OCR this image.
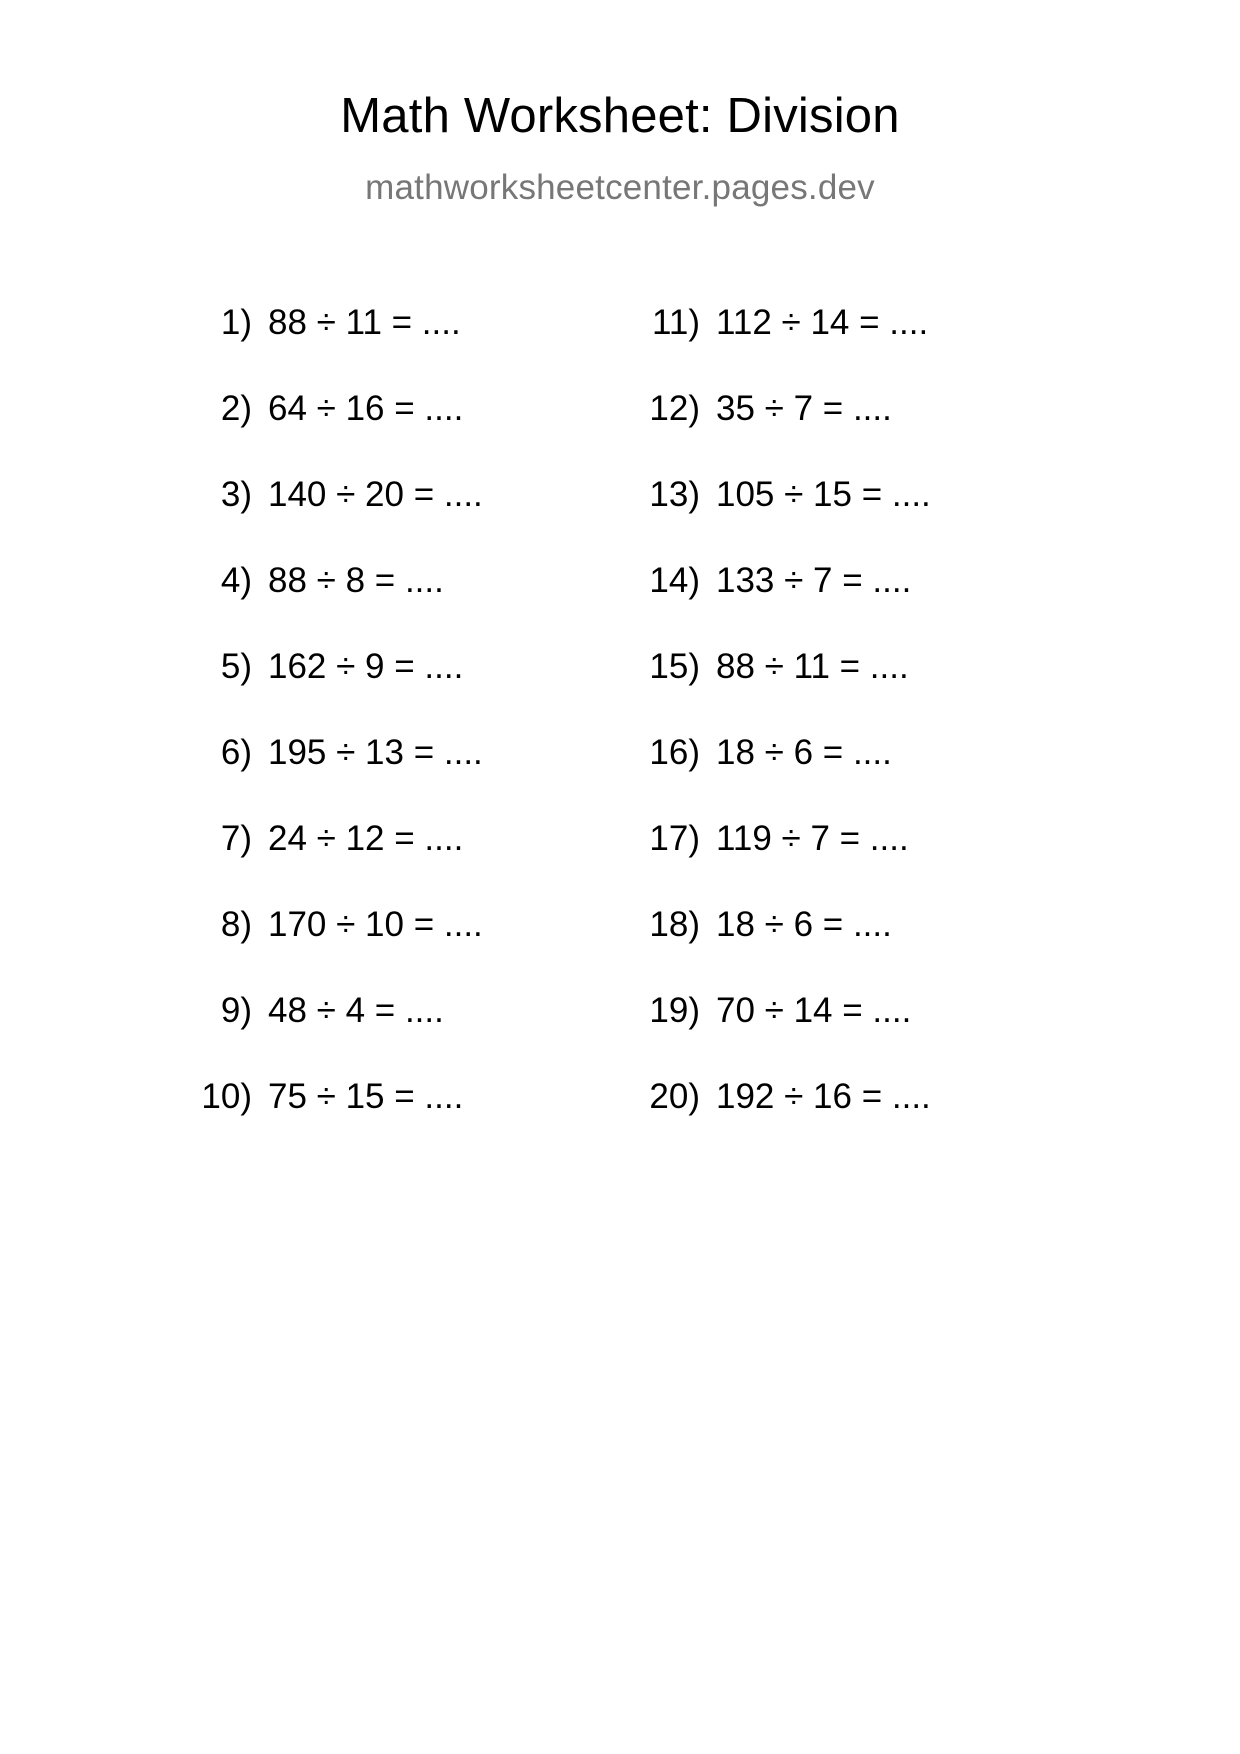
Math Worksheet: Division
mathworksheetcenter.pages.dev
1) 88 ÷ 11 = ....
2) 64 ÷ 16 = ....
3) 140 ÷ 20 = ....
4) 88 ÷ 8 = ....
5) 162 ÷ 9 = ....
6) 195 ÷ 13 = ....
7) 24 ÷ 12 = ....
8) 170 ÷ 10 = ....
9) 48 ÷ 4 = ....
10) 75 ÷ 15 = ....
11) 112 ÷ 14 = ....
12) 35 ÷ 7 = ....
13) 105 ÷ 15 = ....
14) 133 ÷ 7 = ....
15) 88 ÷ 11 = ....
16) 18 ÷ 6 = ....
17) 119 ÷ 7 = ....
18) 18 ÷ 6 = ....
19) 70 ÷ 14 = ....
20) 192 ÷ 16 = ....
